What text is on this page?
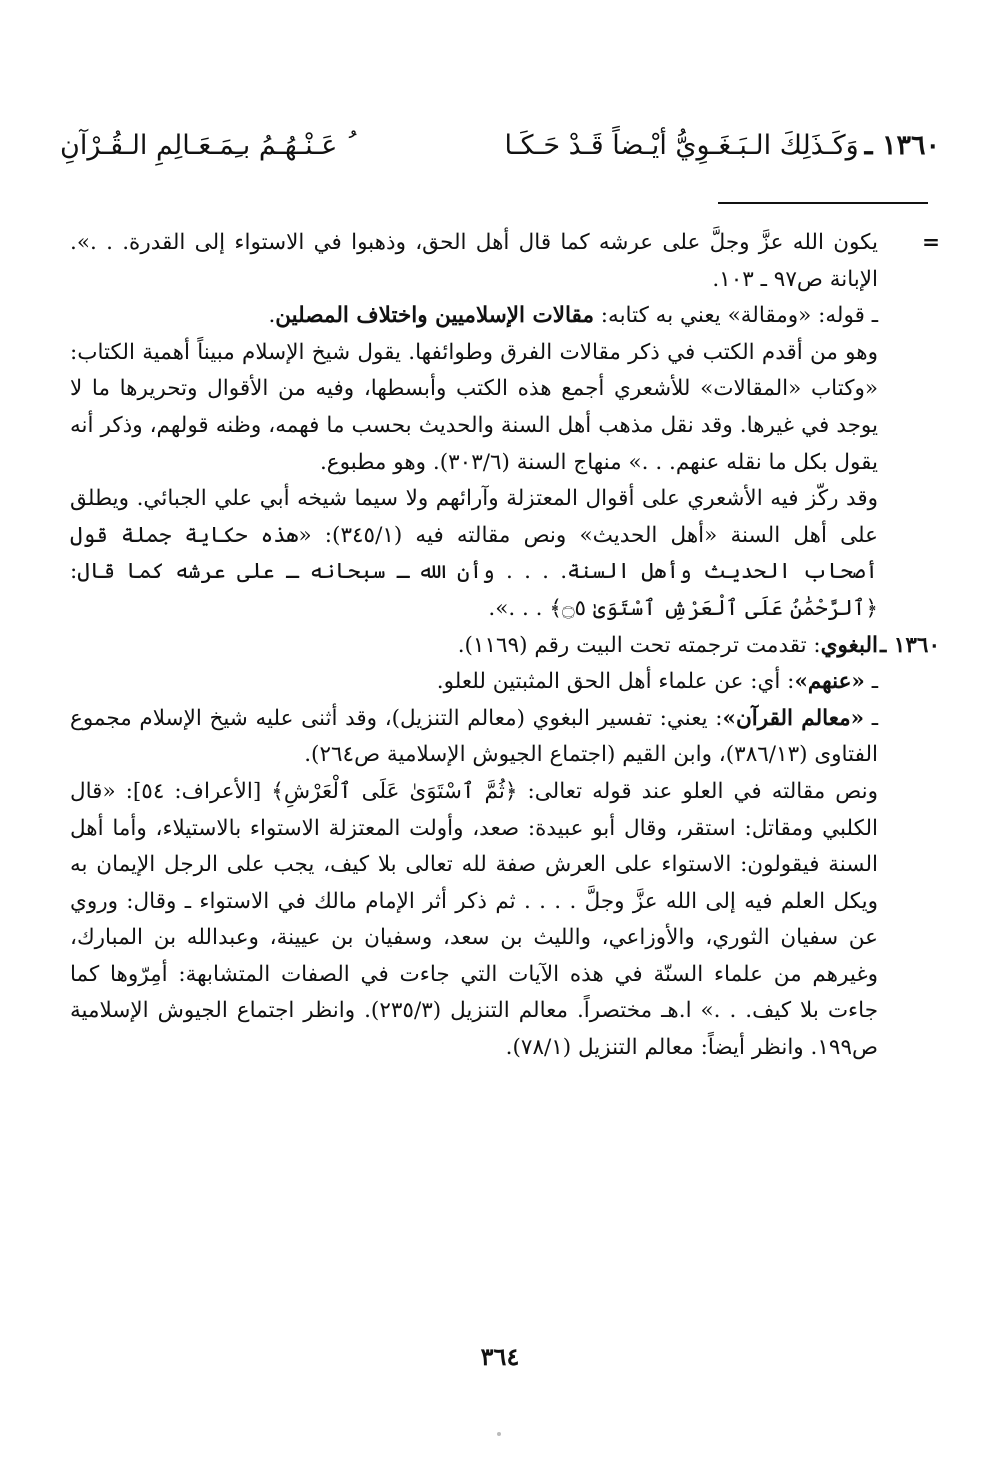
١٣٦٠ ـ
وَكَـذَلِكَ الـبَـغَـوِيُّ أيْـضاً قَـدْ حَـكَـا
ُ عَـنْـهُـمُ بـِمَـعَـالِمِ الـقُـرْآنِ

=
يكون الله عزَّ وجلَّ على عرشه كما قال أهل الحق، وذهبوا في الاستواء إلى القدرة. . .». الإبانة ص٩٧ ـ ١٠٣.

ـ قوله: «ومقالة» يعني به كتابه: مقالات الإسلاميين واختلاف المصلين.

وهو من أقدم الكتب في ذكر مقالات الفرق وطوائفها. يقول شيخ الإسلام مبيناً أهمية الكتاب: «وكتاب «المقالات» للأشعري أجمع هذه الكتب وأبسطها، وفيه من الأقوال وتحريرها ما لا يوجد في غيرها. وقد نقل مذهب أهل السنة والحديث بحسب ما فهمه، وظنه قولهم، وذكر أنه يقول بكل ما نقله عنهم. . .» منهاج السنة (٣٠٣/٦). وهو مطبوع.

وقد ركّز فيه الأشعري على أقوال المعتزلة وآرائهم ولا سيما شيخه أبي علي الجبائي. ويطلق على أهل السنة «أهل الحديث» ونص مقالته فيه (٣٤٥/١): «هذه حكاية جملة قول أصحاب الحديث وأهل السنة. . . . وأن الله ـ سبحانه ـ على عرشه كما قال: ﴿ٱلرَّحْمَٰنُ عَلَى ٱلْعَرْشِ ٱسْتَوَىٰ ۝٥﴾ . . .».

١٣٦٠ ـ
البغوي: تقدمت ترجمته تحت البيت رقم (١١٦٩).

ـ «عنهم»: أي: عن علماء أهل الحق المثبتين للعلو.

ـ «معالم القرآن»: يعني: تفسير البغوي (معالم التنزيل)، وقد أثنى عليه شيخ الإسلام مجموع الفتاوى (٣٨٦/١٣)، وابن القيم (اجتماع الجيوش الإسلامية ص٢٦٤).

ونص مقالته في العلو عند قوله تعالى: ﴿ثُمَّ ٱسْتَوَىٰ عَلَى ٱلْعَرْشِ﴾ [الأعراف: ٥٤]: «قال الكلبي ومقاتل: استقر، وقال أبو عبيدة: صعد، وأولت المعتزلة الاستواء بالاستيلاء، وأما أهل السنة فيقولون: الاستواء على العرش صفة لله تعالى بلا كيف، يجب على الرجل الإيمان به ويكل العلم فيه إلى الله عزَّ وجلَّ . . . . ثم ذكر أثر الإمام مالك في الاستواء ـ وقال: وروي عن سفيان الثوري، والأوزاعي، والليث بن سعد، وسفيان بن عيينة، وعبدالله بن المبارك، وغيرهم من علماء السنّة في هذه الآيات التي جاءت في الصفات المتشابهة: أمِرّوها كما جاءت بلا كيف. . .» ا.هـ مختصراً. معالم التنزيل (٢٣٥/٣). وانظر اجتماع الجيوش الإسلامية ص١٩٩. وانظر أيضاً: معالم التنزيل (٧٨/١).

٣٦٤
